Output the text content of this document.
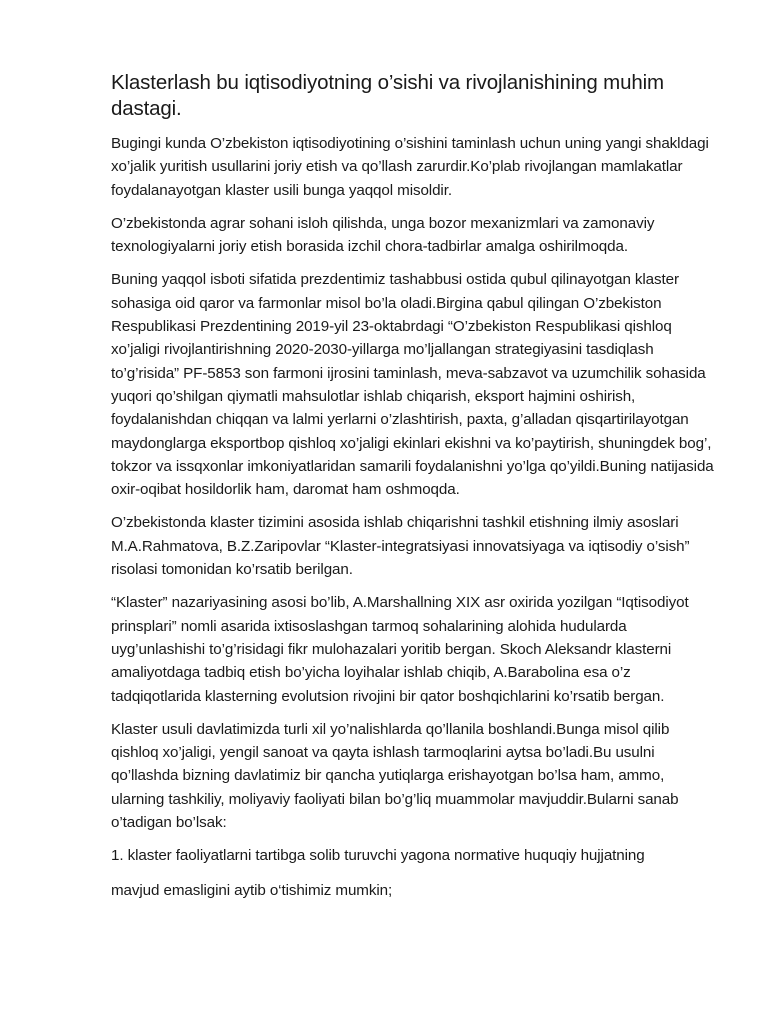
Klasterlash bu iqtisodiyotning o’sishi va rivojlanishining muhim dastagi.

Bugingi kunda O’zbekiston iqtisodiyotining o’sishini taminlash uchun uning yangi shakldagi xo’jalik yuritish usullarini joriy etish va qo’llash zarurdir.Ko’plab rivojlangan mamlakatlar foydalanayotgan klaster usili bunga yaqqol misoldir.

O’zbekistonda agrar sohani isloh qilishda, unga bozor mexanizmlari va zamonaviy texnologiyalarni joriy etish borasida izchil chora-tadbirlar amalga oshirilmoqda.

Buning yaqqol isboti sifatida prezdentimiz tashabbusi ostida qubul qilinayotgan klaster sohasiga oid qaror va farmonlar misol bo’la oladi.Birgina qabul qilingan O’zbekiston Respublikasi Prezdentining 2019-yil 23-oktabrdagi “O’zbekiston Respublikasi qishloq xo’jaligi rivojlantirishning 2020-2030-yillarga mo’ljallangan strategiyasini tasdiqlash to’g’risida” PF-5853 son farmoni ijrosini taminlash, meva-sabzavot va uzumchilik sohasida yuqori qo’shilgan qiymatli mahsulotlar ishlab chiqarish, eksport hajmini oshirish, foydalanishdan chiqqan va lalmi yerlarni o’zlashtirish, paxta, g’alladan qisqartirilayotgan maydonglarga eksportbop qishloq xo’jaligi ekinlari ekishni va ko’paytirish, shuningdek bog’, tokzor va issqxonlar imkoniyatlaridan samarili foydalanishni yo’lga qo’yildi.Buning natijasida oxir-oqibat hosildorlik ham, daromat ham oshmoqda.

O’zbekistonda klaster tizimini asosida ishlab chiqarishni tashkil etishning ilmiy asoslari M.A.Rahmatova, B.Z.Zaripovlar “Klaster-integratsiyasi innovatsiyaga va iqtisodiy o’sish” risolasi tomonidan ko’rsatib berilgan.

“Klaster” nazariyasining asosi bo’lib, A.Marshallning XIX asr oxirida yozilgan “Iqtisodiyot prinsplari” nomli asarida ixtisoslashgan tarmoq sohalarining alohida hudularda uyg’unlashishi to’g’risidagi fikr mulohazalari yoritib bergan. Skoch Aleksandr klasterni amaliyotdaga tadbiq etish bo’yicha loyihalar ishlab chiqib, A.Barabolina esa o’z tadqiqotlarida klasterning evolutsion rivojini bir qator boshqichlarini ko’rsatib bergan.

Klaster usuli davlatimizda turli xil yo’nalishlarda qo’llanila boshlandi.Bunga misol qilib qishloq xo’jaligi, yengil sanoat va qayta ishlash tarmoqlarini aytsa bo’ladi.Bu usulni qo’llashda bizning davlatimiz bir qancha yutiqlarga erishayotgan bo’lsa ham, ammo, ularning tashkiliy, moliyaviy faoliyati bilan bo’g’liq muammolar mavjuddir.Bularni sanab o’tadigan bo’lsak:

1. klaster faoliyatlarni tartibga solib turuvchi yagona normative huquqiy hujjatning

mavjud emasligini aytib o‘tishimiz mumkin;
